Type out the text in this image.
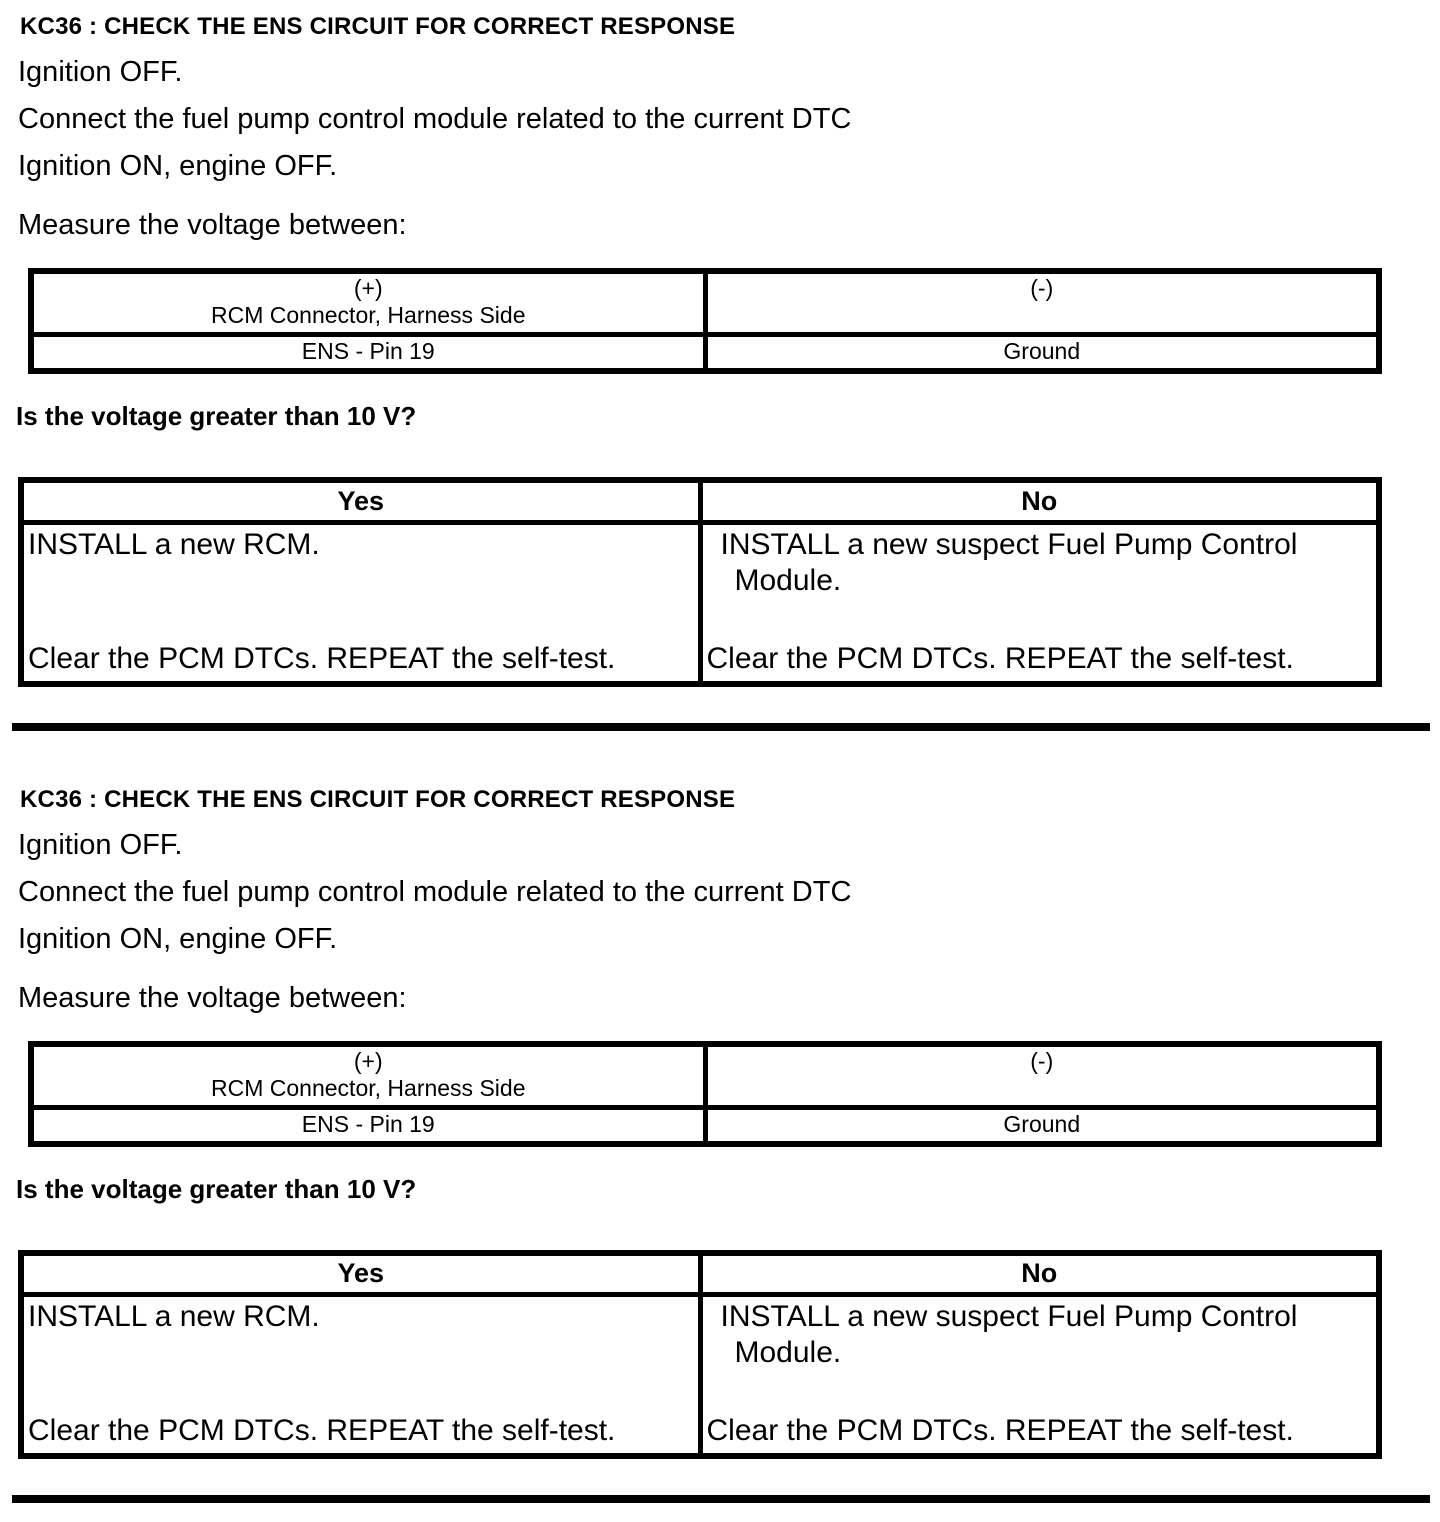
KC36 : CHECK THE ENS CIRCUIT FOR CORRECT RESPONSE

Ignition OFF.

Connect the fuel pump control module related to the current DTC

Ignition ON, engine OFF.

Measure the voltage between:

(+)
RCM Connector, Harness Side	(-)

ENS - Pin 19	Ground

Is the voltage greater than 10 V?

Yes	No

INSTALL a new RCM.
Clear the PCM DTCs. REPEAT the self-test.

INSTALL a new suspect Fuel Pump Control Module.
Clear the PCM DTCs. REPEAT the self-test.
KC36 : CHECK THE ENS CIRCUIT FOR CORRECT RESPONSE

Ignition OFF.

Connect the fuel pump control module related to the current DTC

Ignition ON, engine OFF.

Measure the voltage between:

(+)
RCM Connector, Harness Side	(-)

ENS - Pin 19	Ground

Is the voltage greater than 10 V?

Yes	No

INSTALL a new RCM.
Clear the PCM DTCs. REPEAT the self-test.

INSTALL a new suspect Fuel Pump Control Module.
Clear the PCM DTCs. REPEAT the self-test.
